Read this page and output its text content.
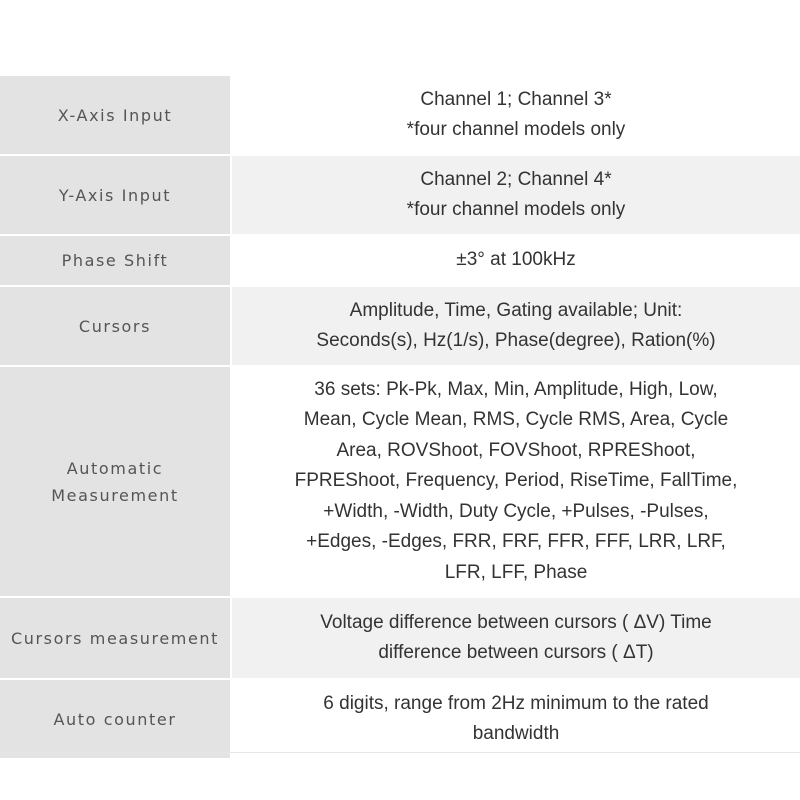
X-Axis Input
Channel 1; Channel 3*
*four channel models only
Y-Axis Input
Channel 2; Channel 4*
*four channel models only
Phase Shift	±3° at 100kHz
Cursors
Amplitude, Time, Gating available; Unit:
Seconds(s), Hz(1/s), Phase(degree), Ration(%)
Automatic
Measurement
36 sets: Pk-Pk, Max, Min, Amplitude, High, Low,
Mean, Cycle Mean, RMS, Cycle RMS, Area, Cycle
Area, ROVShoot, FOVShoot, RPREShoot,
FPREShoot, Frequency, Period, RiseTime, FallTime,
+Width, -Width, Duty Cycle, +Pulses, -Pulses,
+Edges, -Edges, FRR, FRF, FFR, FFF, LRR, LRF,
LFR, LFF, Phase
Cursors measurement
Voltage difference between cursors ( ΔV) Time
difference between cursors ( ΔT)
Auto counter
6 digits, range from 2Hz minimum to the rated
bandwidth
